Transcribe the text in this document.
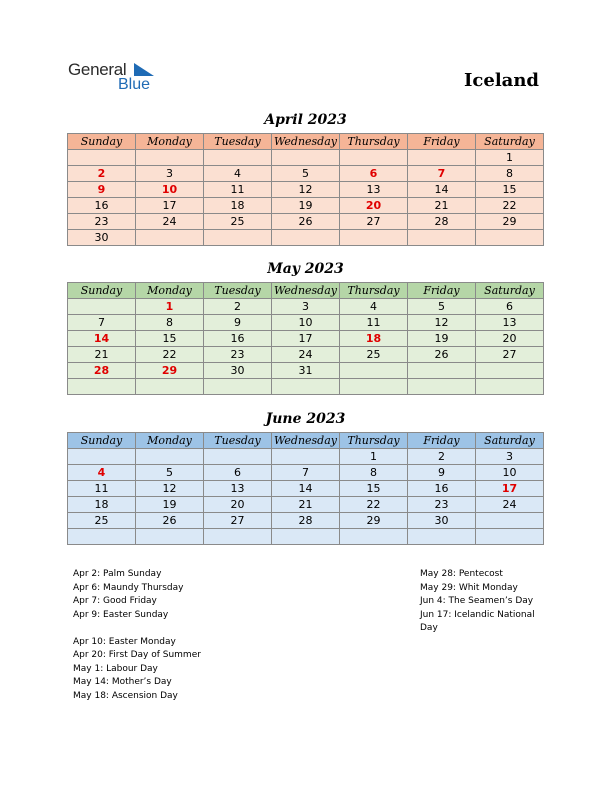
General
Blue	Iceland
April 2023
Sunday	Monday	Tuesday	Wednesday	Thursday	Friday	Saturday
						1
2	3	4	5	6	7	8
9	10	11	12	13	14	15
16	17	18	19	20	21	22
23	24	25	26	27	28	29
30						
May 2023
Sunday	Monday	Tuesday	Wednesday	Thursday	Friday	Saturday
	1	2	3	4	5	6
7	8	9	10	11	12	13
14	15	16	17	18	19	20
21	22	23	24	25	26	27
28	29	30	31			

June 2023
Sunday	Monday	Tuesday	Wednesday	Thursday	Friday	Saturday
				1	2	3
4	5	6	7	8	9	10
11	12	13	14	15	16	17
18	19	20	21	22	23	24
25	26	27	28	29	30	

Apr 2: Palm Sunday
Apr 6: Maundy Thursday
Apr 7: Good Friday
Apr 9: Easter Sunday
Apr 10: Easter Monday
Apr 20: First Day of Summer
May 1: Labour Day
May 14: Mother’s Day
May 18: Ascension Day
May 28: Pentecost
May 29: Whit Monday
Jun 4: The Seamen’s Day
Jun 17: Icelandic National
Day
